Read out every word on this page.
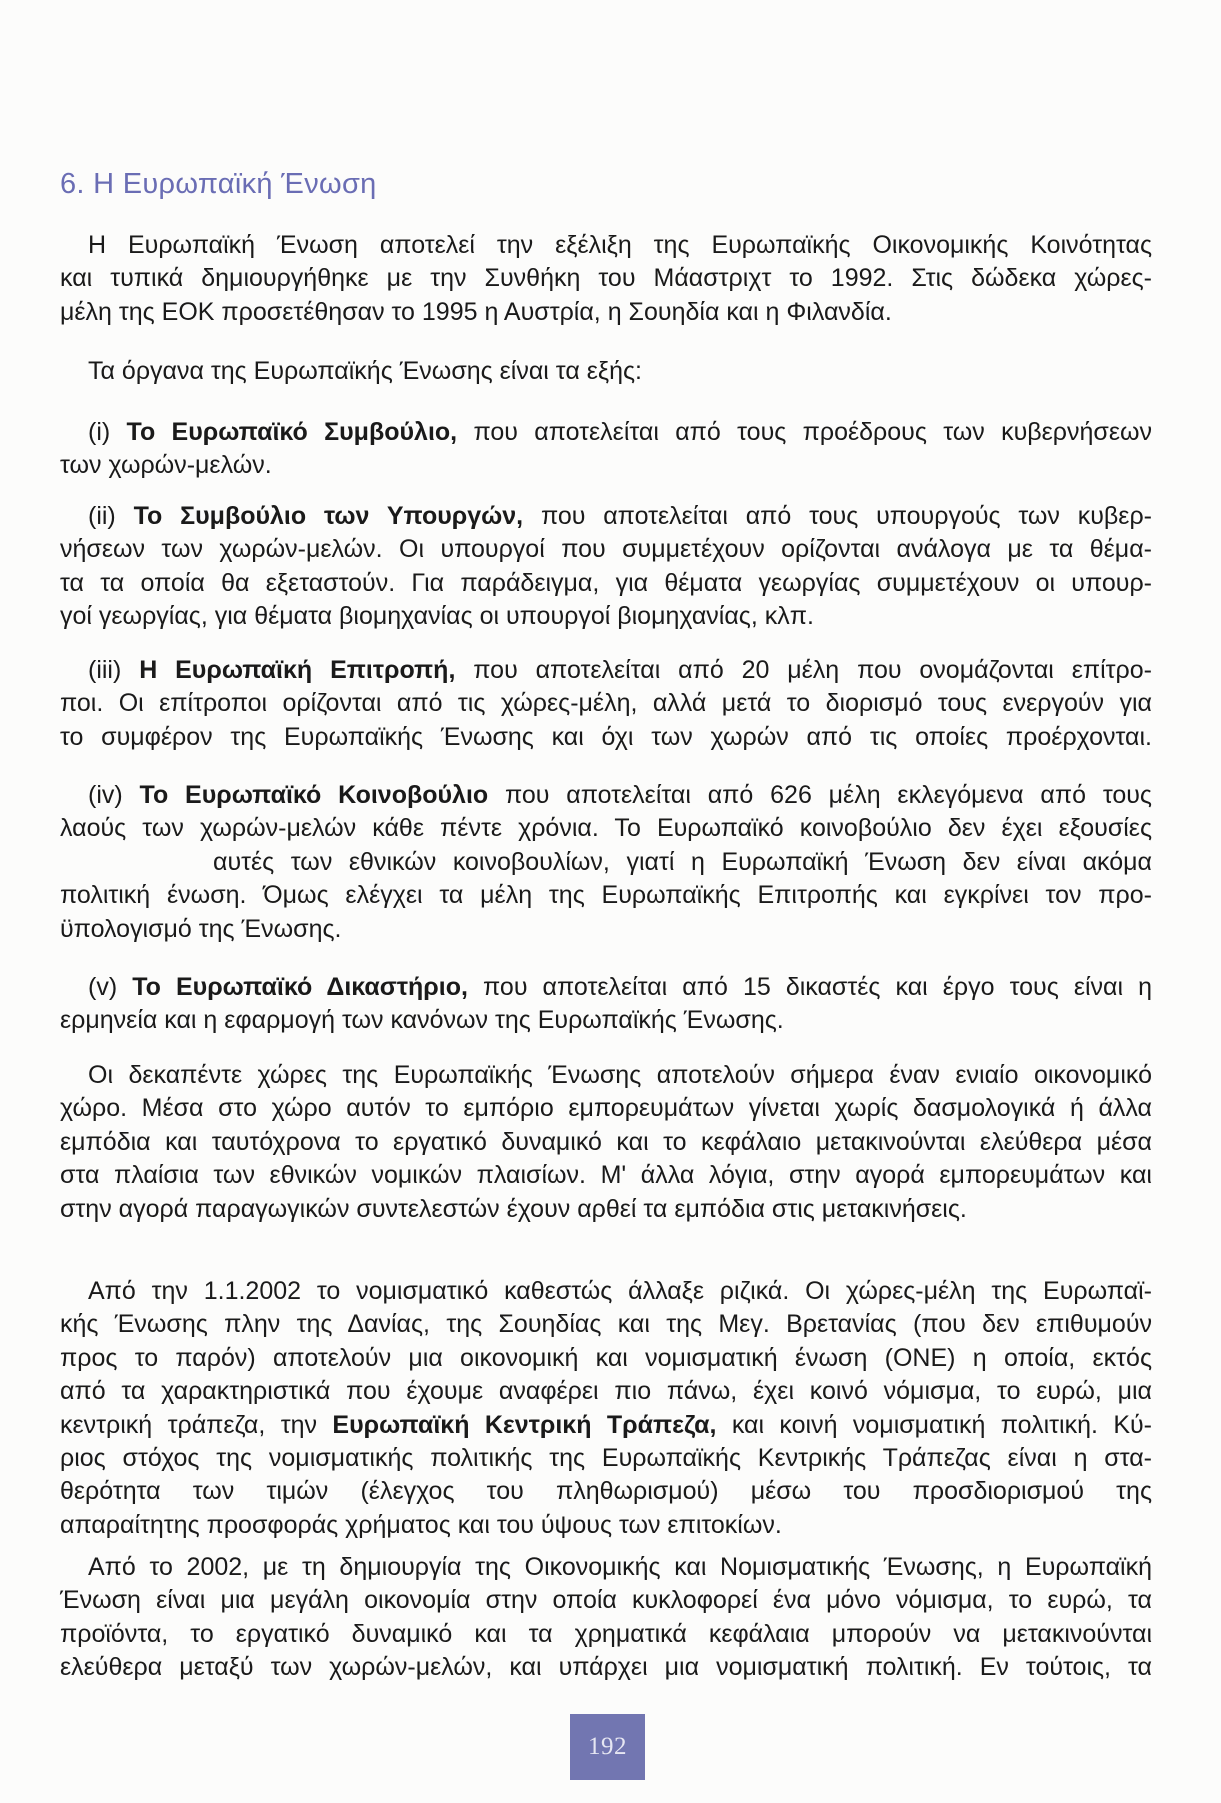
6. Η Ευρωπαϊκή Ένωση
Η Ευρωπαϊκή Ένωση αποτελεί την εξέλιξη της Ευρωπαϊκής Οικονομικής Κοινότητας
και τυπικά δημιουργήθηκε με την Συνθήκη του Μάαστριχτ το 1992. Στις δώδεκα χώρες-
μέλη της ΕΟΚ προσετέθησαν το 1995 η Αυστρία, η Σουηδία και η Φιλανδία.
Τα όργανα της Ευρωπαϊκής Ένωσης είναι τα εξής:
(i) Το Ευρωπαϊκό Συμβούλιο, που αποτελείται από τους προέδρους των κυβερνήσεων
των χωρών-μελών.
(ii) Το Συμβούλιο των Υπουργών, που αποτελείται από τους υπουργούς των κυβερ-
νήσεων των χωρών-μελών. Οι υπουργοί που συμμετέχουν ορίζονται ανάλογα με τα θέμα-
τα τα οποία θα εξεταστούν. Για παράδειγμα, για θέματα γεωργίας συμμετέχουν οι υπουρ-
γοί γεωργίας, για θέματα βιομηχανίας οι υπουργοί βιομηχανίας, κλπ.
(iii) Η Ευρωπαϊκή Επιτροπή, που αποτελείται από 20 μέλη που ονομάζονται επίτρο-
ποι. Οι επίτροποι ορίζονται από τις χώρες-μέλη, αλλά μετά το διορισμό τους ενεργούν για
το συμφέρον της Ευρωπαϊκής Ένωσης και όχι των χωρών από τις οποίες προέρχονται.
(iv) Το Ευρωπαϊκό Κοινοβούλιο που αποτελείται από 626 μέλη εκλεγόμενα από τους
λαούς των χωρών-μελών κάθε πέντε χρόνια. Το Ευρωπαϊκό κοινοβούλιο δεν έχει εξουσίες
αυτές των εθνικών κοινοβουλίων, γιατί η Ευρωπαϊκή Ένωση δεν είναι ακόμα
πολιτική ένωση. Όμως ελέγχει τα μέλη της Ευρωπαϊκής Επιτροπής και εγκρίνει τον προ-
ϋπολογισμό της Ένωσης.
(v) Το Ευρωπαϊκό Δικαστήριο, που αποτελείται από 15 δικαστές και έργο τους είναι η
ερμηνεία και η εφαρμογή των κανόνων της Ευρωπαϊκής Ένωσης.
Οι δεκαπέντε χώρες της Ευρωπαϊκής Ένωσης αποτελούν σήμερα έναν ενιαίο οικονομικό
χώρο. Μέσα στο χώρο αυτόν το εμπόριο εμπορευμάτων γίνεται χωρίς δασμολογικά ή άλλα
εμπόδια και ταυτόχρονα το εργατικό δυναμικό και το κεφάλαιο μετακινούνται ελεύθερα μέσα
στα πλαίσια των εθνικών νομικών πλαισίων. Μ' άλλα λόγια, στην αγορά εμπορευμάτων και
στην αγορά παραγωγικών συντελεστών έχουν αρθεί τα εμπόδια στις μετακινήσεις.
Από την 1.1.2002 το νομισματικό καθεστώς άλλαξε ριζικά. Οι χώρες-μέλη της Ευρωπαϊ-
κής Ένωσης πλην της Δανίας, της Σουηδίας και της Μεγ. Βρετανίας (που δεν επιθυμούν
προς το παρόν) αποτελούν μια οικονομική και νομισματική ένωση (ΟΝΕ) η οποία, εκτός
από τα χαρακτηριστικά που έχουμε αναφέρει πιο πάνω, έχει κοινό νόμισμα, το ευρώ, μια
κεντρική τράπεζα, την Ευρωπαϊκή Κεντρική Τράπεζα, και κοινή νομισματική πολιτική. Κύ-
ριος στόχος της νομισματικής πολιτικής της Ευρωπαϊκής Κεντρικής Τράπεζας είναι η στα-
θερότητα των τιμών (έλεγχος του πληθωρισμού) μέσω του προσδιορισμού της
απαραίτητης προσφοράς χρήματος και του ύψους των επιτοκίων.
Από το 2002, με τη δημιουργία της Οικονομικής και Νομισματικής Ένωσης, η Ευρωπαϊκή
Ένωση είναι μια μεγάλη οικονομία στην οποία κυκλοφορεί ένα μόνο νόμισμα, το ευρώ, τα
προϊόντα, το εργατικό δυναμικό και τα χρηματικά κεφάλαια μπορούν να μετακινούνται
ελεύθερα μεταξύ των χωρών-μελών, και υπάρχει μια νομισματική πολιτική. Εν τούτοις, τα
192
